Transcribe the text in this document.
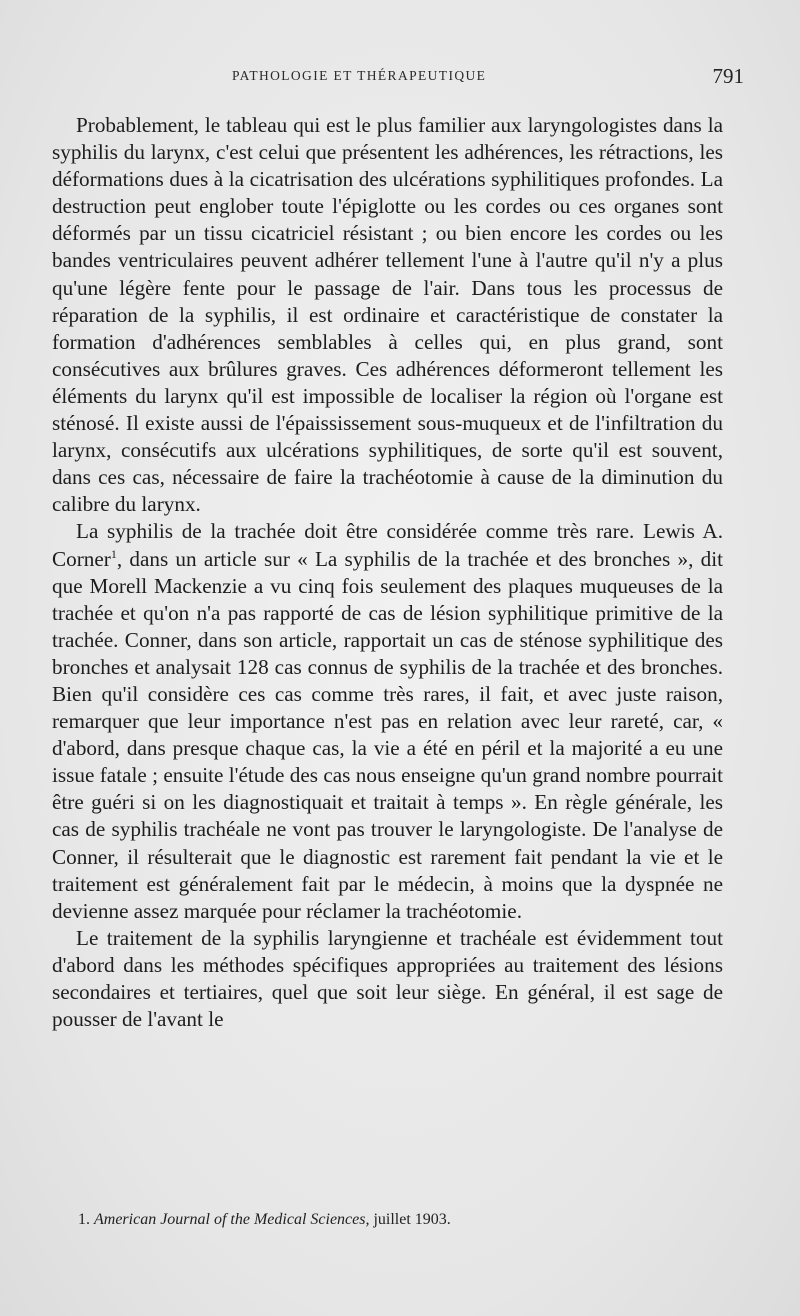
PATHOLOGIE ET THÉRAPEUTIQUE	791

Probablement, le tableau qui est le plus familier aux laryngologistes dans la syphilis du larynx, c'est celui que présentent les adhérences, les rétractions, les déformations dues à la cicatrisation des ulcérations syphilitiques profondes. La destruction peut englober toute l'épiglotte ou les cordes ou ces organes sont déformés par un tissu cicatriciel résistant ; ou bien encore les cordes ou les bandes ventriculaires peuvent adhérer tellement l'une à l'autre qu'il n'y a plus qu'une légère fente pour le passage de l'air. Dans tous les processus de réparation de la syphilis, il est ordinaire et caractéristique de constater la formation d'adhérences semblables à celles qui, en plus grand, sont consécutives aux brûlures graves. Ces adhérences déformeront tellement les éléments du larynx qu'il est impossible de localiser la région où l'organe est sténosé. Il existe aussi de l'épaississement sous-muqueux et de l'infiltration du larynx, consécutifs aux ulcérations syphilitiques, de sorte qu'il est souvent, dans ces cas, nécessaire de faire la trachéotomie à cause de la diminution du calibre du larynx.

La syphilis de la trachée doit être considérée comme très rare. Lewis A. Corner$^1$, dans un article sur « La syphilis de la trachée et des bronches », dit que Morell Mackenzie a vu cinq fois seulement des plaques muqueuses de la trachée et qu'on n'a pas rapporté de cas de lésion syphilitique primitive de la trachée. Conner, dans son article, rapportait un cas de sténose syphilitique des bronches et analysait 128 cas connus de syphilis de la trachée et des bronches. Bien qu'il considère ces cas comme très rares, il fait, et avec juste raison, remarquer que leur importance n'est pas en relation avec leur rareté, car, « d'abord, dans presque chaque cas, la vie a été en péril et la majorité a eu une issue fatale ; ensuite l'étude des cas nous enseigne qu'un grand nombre pourrait être guéri si on les diagnostiquait et traitait à temps ». En règle générale, les cas de syphilis trachéale ne vont pas trouver le laryngologiste. De l'analyse de Conner, il résulterait que le diagnostic est rarement fait pendant la vie et le traitement est généralement fait par le médecin, à moins que la dyspnée ne devienne assez marquée pour réclamer la trachéotomie.

Le traitement de la syphilis laryngienne et trachéale est évidemment tout d'abord dans les méthodes spécifiques appropriées au traitement des lésions secondaires et tertiaires, quel que soit leur siège. En général, il est sage de pousser de l'avant le

1. American Journal of the Medical Sciences, juillet 1903.
